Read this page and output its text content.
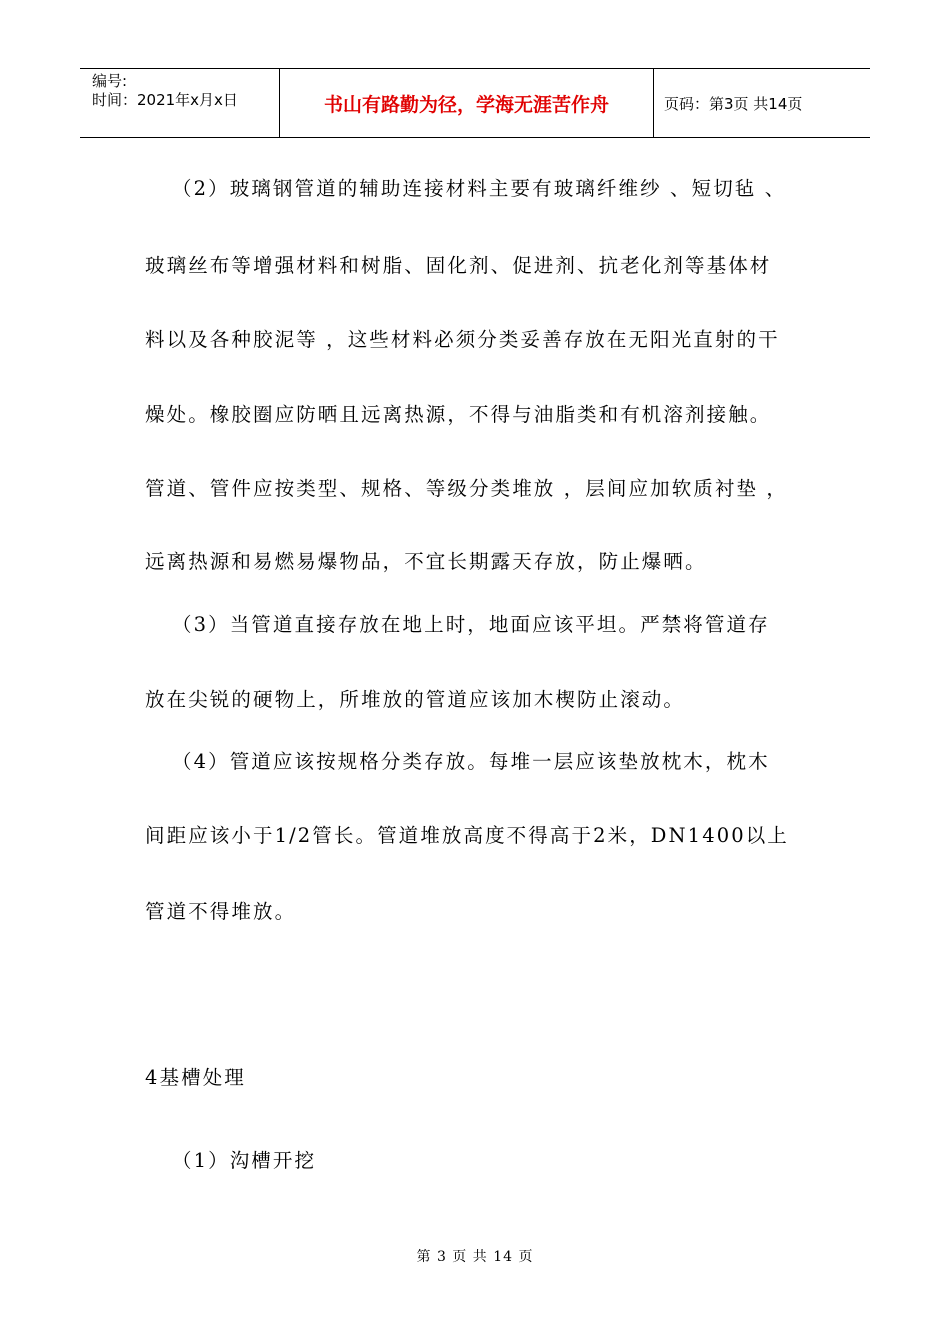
编号:
时间：2021年x月x日	书山有路勤为径，学海无涯苦作舟	页码：第3页 共14页
（2）玻璃钢管道的辅助连接材料主要有玻璃纤维纱 、短切毡 、
玻璃丝布等增强材料和树脂、固化剂、促进剂、抗老化剂等基体材
料以及各种胶泥等 ，这些材料必须分类妥善存放在无阳光直射的干
燥处。橡胶圈应防晒且远离热源，不得与油脂类和有机溶剂接触。
管道、管件应按类型、规格、等级分类堆放 ，层间应加软质衬垫 ，
远离热源和易燃易爆物品，不宜长期露天存放，防止爆晒。
（3）当管道直接存放在地上时，地面应该平坦。严禁将管道存
放在尖锐的硬物上，所堆放的管道应该加木楔防止滚动。
（4）管道应该按规格分类存放。每堆一层应该垫放枕木，枕木
间距应该小于1/2管长。管道堆放高度不得高于2米，DN1400以上
管道不得堆放。
4基槽处理
（1）沟槽开挖
第 3 页 共 14 页
